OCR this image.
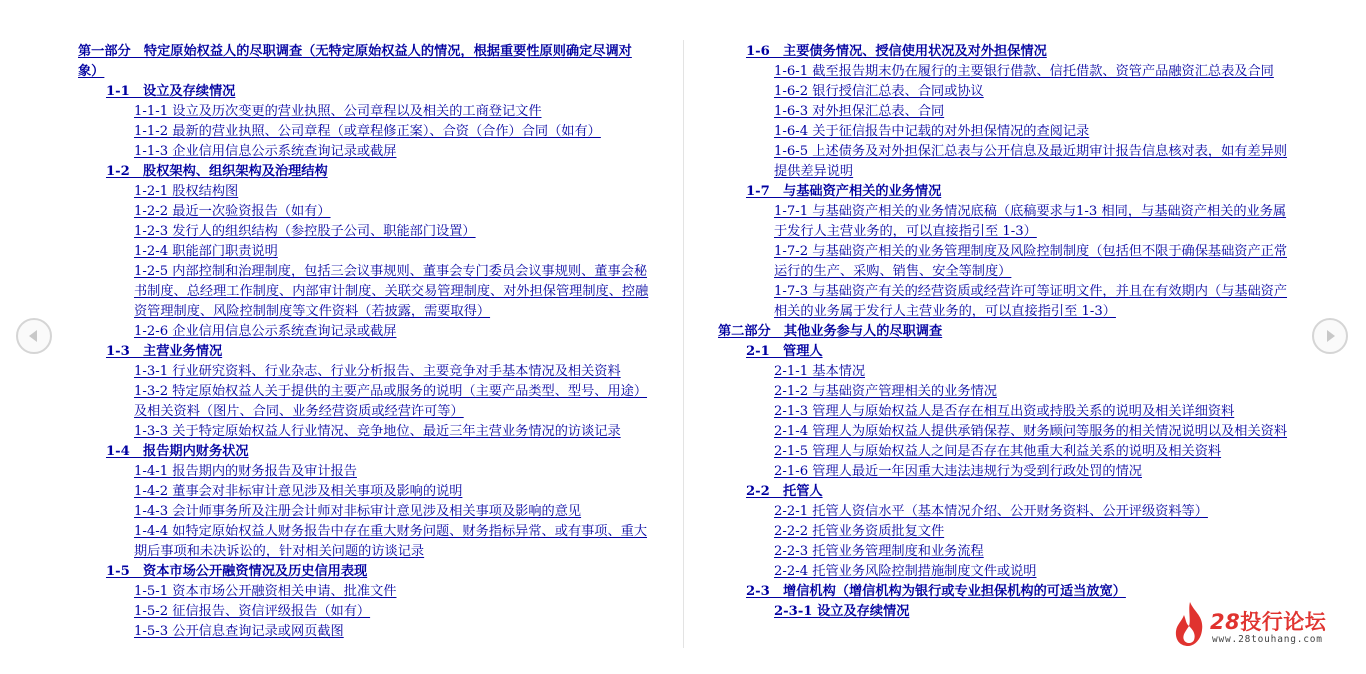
第一部分　特定原始权益人的尽职调查（无特定原始权益人的情况，根据重要性原则确定尽调对象）
1-1　设立及存续情况
1-1-1 设立及历次变更的营业执照、公司章程以及相关的工商登记文件
1-1-2 最新的营业执照、公司章程（或章程修正案）、合资（合作）合同（如有）
1-1-3 企业信用信息公示系统查询记录或截屏
1-2　股权架构、组织架构及治理结构
1-2-1 股权结构图
1-2-2 最近一次验资报告（如有）
1-2-3 发行人的组织结构（参控股子公司、职能部门设置）
1-2-4 职能部门职责说明
1-2-5 内部控制和治理制度，包括三会议事规则、董事会专门委员会议事规则、董事会秘书制度、总经理工作制度、内部审计制度、关联交易管理制度、对外担保管理制度、控融资管理制度、风险控制制度等文件资料（若披露，需要取得）
1-2-6 企业信用信息公示系统查询记录或截屏
1-3　主营业务情况
1-3-1 行业研究资料、行业杂志、行业分析报告、主要竞争对手基本情况及相关资料
1-3-2 特定原始权益人关于提供的主要产品或服务的说明（主要产品类型、型号、用途）及相关资料（图片、合同、业务经营资质或经营许可等）
1-3-3 关于特定原始权益人行业情况、竞争地位、最近三年主营业务情况的访谈记录
1-4　报告期内财务状况
1-4-1 报告期内的财务报告及审计报告
1-4-2 董事会对非标审计意见涉及相关事项及影响的说明
1-4-3 会计师事务所及注册会计师对非标审计意见涉及相关事项及影响的意见
1-4-4 如特定原始权益人财务报告中存在重大财务问题、财务指标异常、或有事项、重大期后事项和未决诉讼的，针对相关问题的访谈记录
1-5　资本市场公开融资情况及历史信用表现
1-5-1 资本市场公开融资相关申请、批准文件
1-5-2 征信报告、资信评级报告（如有）
1-5-3 公开信息查询记录或网页截图
1-6　主要债务情况、授信使用状况及对外担保情况
1-6-1 截至报告期末仍在履行的主要银行借款、信托借款、资管产品融资汇总表及合同
1-6-2 银行授信汇总表、合同或协议
1-6-3 对外担保汇总表、合同
1-6-4 关于征信报告中记载的对外担保情况的查阅记录
1-6-5 上述债务及对外担保汇总表与公开信息及最近期审计报告信息核对表，如有差异则提供差异说明
1-7　与基础资产相关的业务情况
1-7-1 与基础资产相关的业务情况底稿（底稿要求与1-3 相同，与基础资产相关的业务属于发行人主营业务的，可以直接指引至 1-3）
1-7-2 与基础资产相关的业务管理制度及风险控制制度（包括但不限于确保基础资产正常运行的生产、采购、销售、安全等制度）
1-7-3 与基础资产有关的经营资质或经营许可等证明文件，并且在有效期内（与基础资产相关的业务属于发行人主营业务的，可以直接指引至 1-3）
第二部分　其他业务参与人的尽职调查
2-1　管理人
2-1-1 基本情况
2-1-2 与基础资产管理相关的业务情况
2-1-3 管理人与原始权益人是否存在相互出资或持股关系的说明及相关详细资料
2-1-4 管理人为原始权益人提供承销保荐、财务顾问等服务的相关情况说明以及相关资料
2-1-5 管理人与原始权益人之间是否存在其他重大利益关系的说明及相关资料
2-1-6 管理人最近一年因重大违法违规行为受到行政处罚的情况
2-2　托管人
2-2-1 托管人资信水平（基本情况介绍、公开财务资料、公开评级资料等）
2-2-2 托管业务资质批复文件
2-2-3 托管业务管理制度和业务流程
2-2-4 托管业务风险控制措施制度文件或说明
2-3　增信机构（增信机构为银行或专业担保机构的可适当放宽）
2-3-1 设立及存续情况	28投行论坛
www.28touhang.com
